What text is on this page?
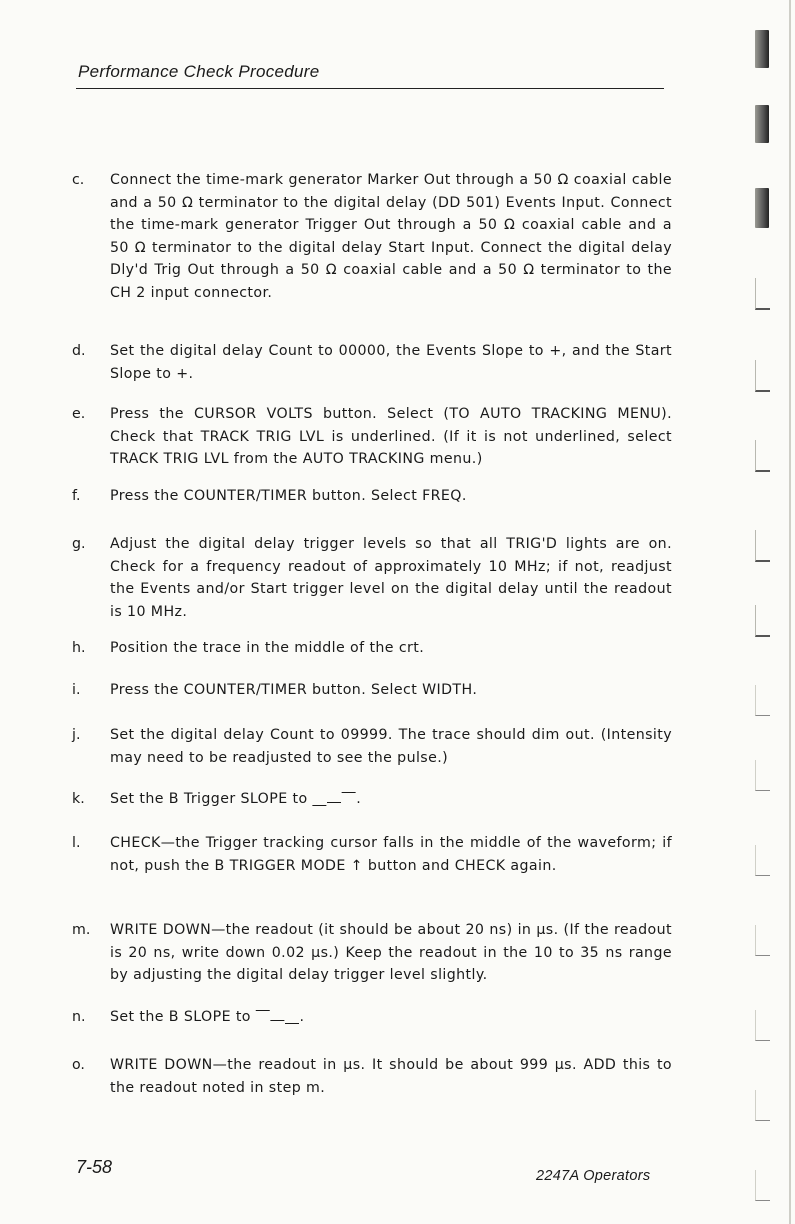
Performance Check Procedure
c.	Connect the time-mark generator Marker Out through a 50 Ω coaxial cable and a 50 Ω terminator to the digital delay (DD 501) Events Input. Connect the time-mark generator Trigger Out through a 50 Ω coaxial cable and a 50 Ω terminator to the digital delay Start Input. Connect the digital delay Dly'd Trig Out through a 50 Ω coaxial cable and a 50 Ω terminator to the CH 2 input connector.
d.	Set the digital delay Count to 00000, the Events Slope to +, and the Start Slope to +.
e.	Press the CURSOR VOLTS button. Select (TO AUTO TRACKING MENU). Check that TRACK TRIG LVL is underlined. (If it is not underlined, select TRACK TRIG LVL from the AUTO TRACKING menu.)
f.	Press the COUNTER/TIMER button. Select FREQ.
g.	Adjust the digital delay trigger levels so that all TRIG'D lights are on. Check for a frequency readout of approximately 10 MHz; if not, readjust the Events and/or Start trigger level on the digital delay until the readout is 10 MHz.
h.	Position the trace in the middle of the crt.
i.	Press the COUNTER/TIMER button. Select WIDTH.
j.	Set the digital delay Count to 09999. The trace should dim out. (Intensity may need to be readjusted to see the pulse.)
k.	Set the B Trigger SLOPE to ⎽⎼⎺.
l.	CHECK—the Trigger tracking cursor falls in the middle of the waveform; if not, push the B TRIGGER MODE ↑ button and CHECK again.
m.	WRITE DOWN—the readout (it should be about 20 ns) in µs. (If the readout is 20 ns, write down 0.02 µs.) Keep the readout in the 10 to 35 ns range by adjusting the digital delay trigger level slightly.
n.	Set the B SLOPE to ⎺⎼⎽.
o.	WRITE DOWN—the readout in µs. It should be about 999 µs. ADD this to the readout noted in step m.
7-58	2247A Operators
